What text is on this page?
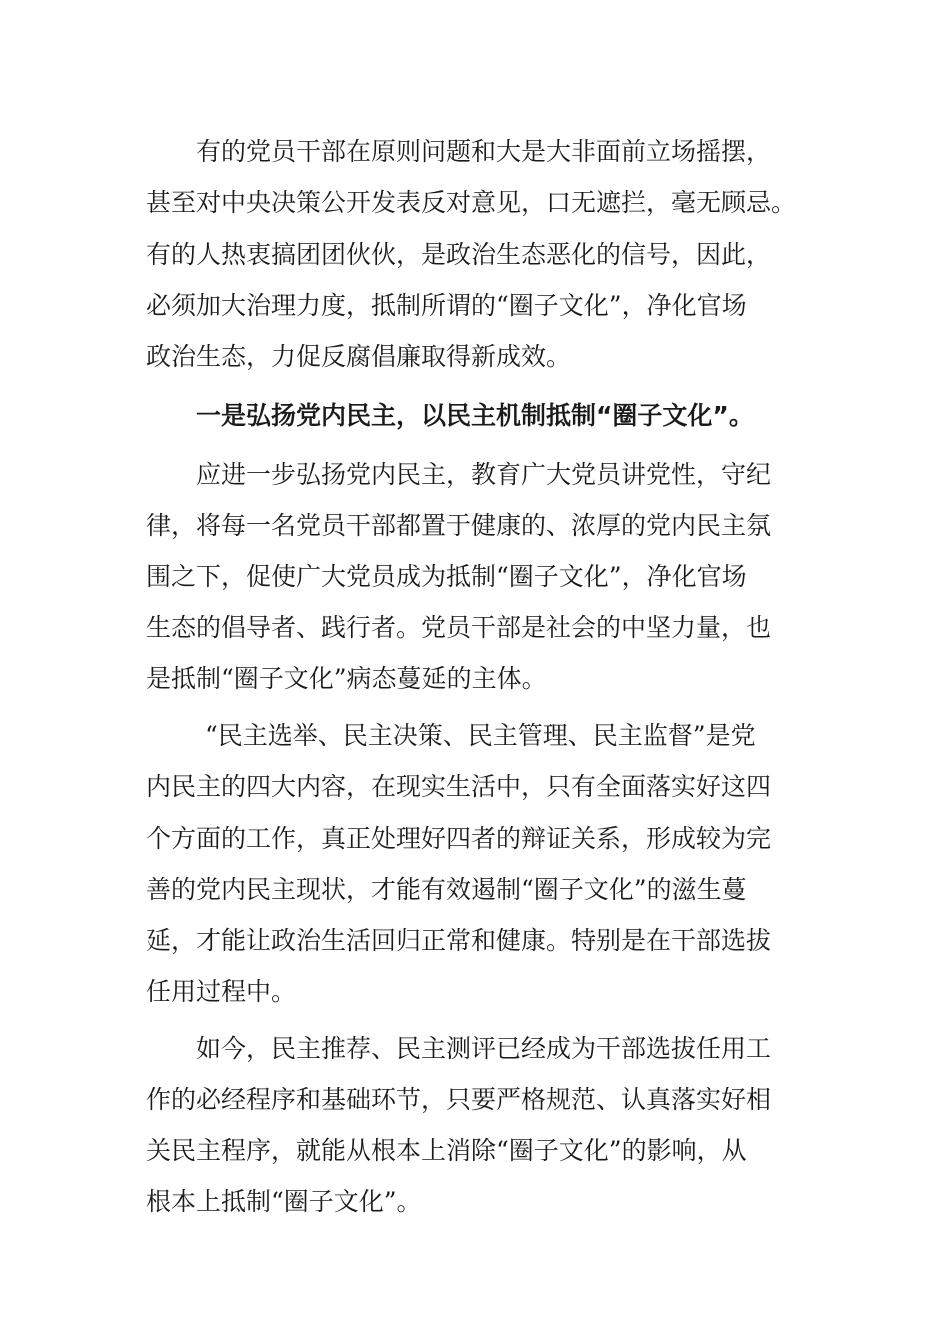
有的党员干部在原则问题和大是大非面前立场摇摆，

甚至对中央决策公开发表反对意见，口无遮拦，毫无顾忌。

有的人热衷搞团团伙伙，是政治生态恶化的信号，因此，

必须加大治理力度，抵制所谓的“圈子文化”，净化官场

政治生态，力促反腐倡廉取得新成效。

一是弘扬党内民主，以民主机制抵制“圈子文化”。

应进一步弘扬党内民主，教育广大党员讲党性，守纪

律，将每一名党员干部都置于健康的、浓厚的党内民主氛

围之下，促使广大党员成为抵制“圈子文化”，净化官场

生态的倡导者、践行者。党员干部是社会的中坚力量，也

是抵制“圈子文化”病态蔓延的主体。

“民主选举、民主决策、民主管理、民主监督”是党

内民主的四大内容，在现实生活中，只有全面落实好这四

个方面的工作，真正处理好四者的辩证关系，形成较为完

善的党内民主现状，才能有效遏制“圈子文化”的滋生蔓

延，才能让政治生活回归正常和健康。特别是在干部选拔

任用过程中。

如今，民主推荐、民主测评已经成为干部选拔任用工

作的必经程序和基础环节，只要严格规范、认真落实好相

关民主程序，就能从根本上消除“圈子文化”的影响，从

根本上抵制“圈子文化”。
